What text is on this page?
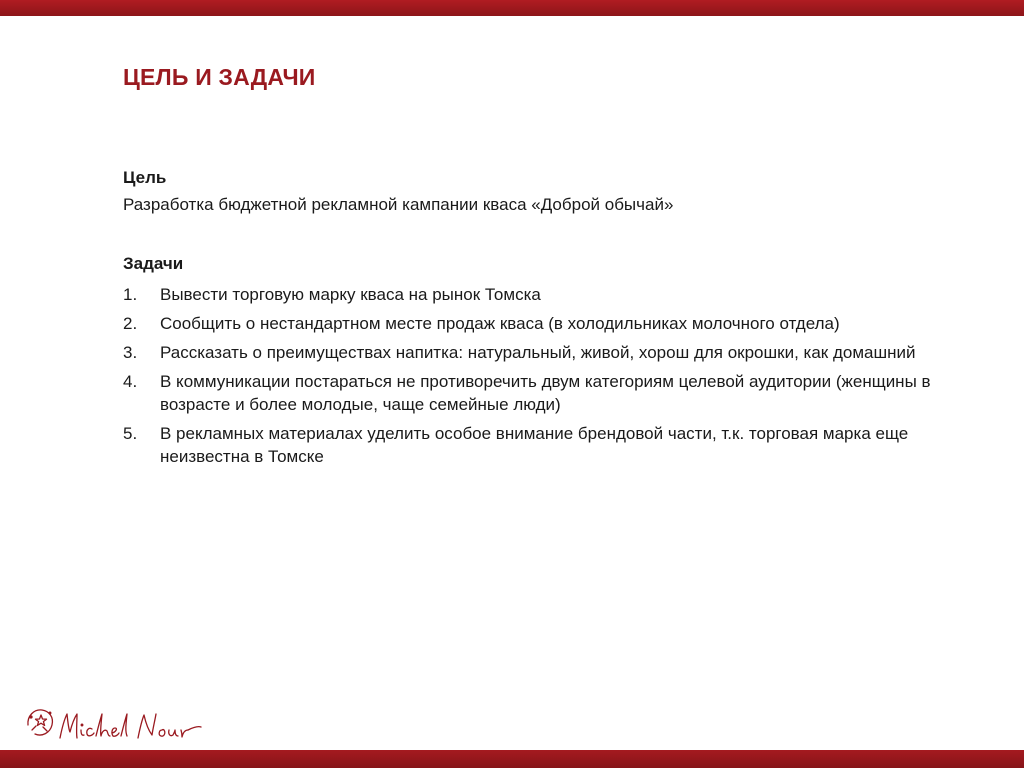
ЦЕЛЬ И ЗАДАЧИ
Цель

Разработка бюджетной рекламной кампании кваса «Доброй обычай»

Задачи
1.	Вывести торговую марку кваса на рынок Томска
2.	Сообщить о нестандартном месте продаж кваса (в холодильниках молочного отдела)
3.	Рассказать о преимуществах напитка: натуральный, живой, хорош для окрошки, как домашний
4.	В коммуникации постараться не противоречить двум категориям целевой аудитории (женщины в возрасте и более молодые, чаще семейные люди)
5.	В рекламных материалах уделить особое внимание брендовой части, т.к. торговая марка еще неизвестна в Томске
